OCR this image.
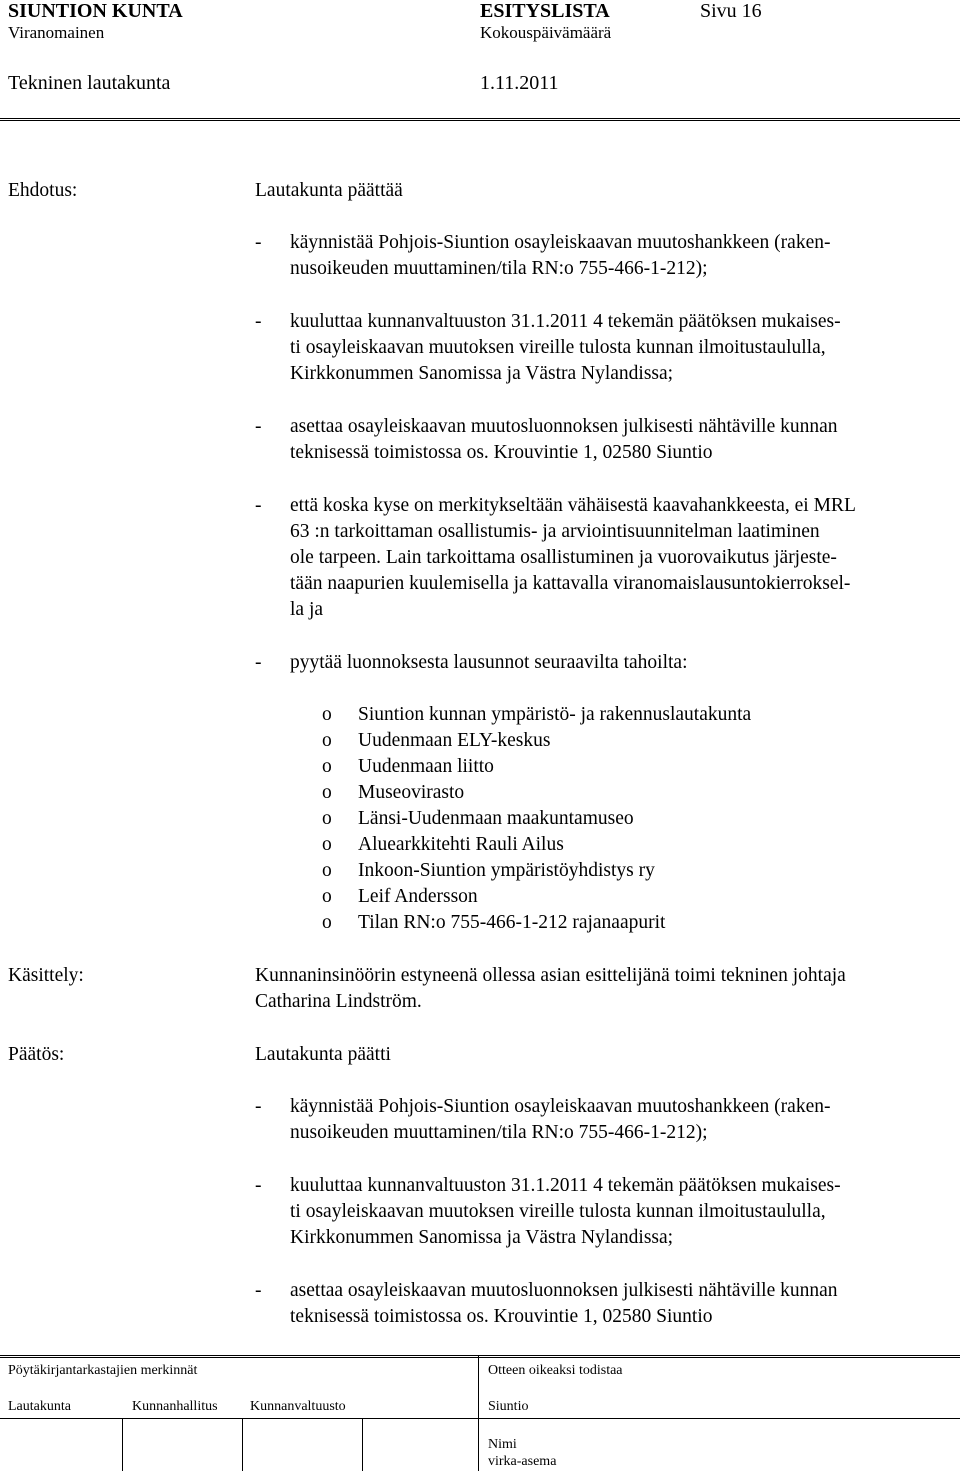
SIUNTION KUNTA	ESITYSLISTA	Sivu 16
Viranomainen	Kokouspäivämäärä
Tekninen lautakunta	1.11.2011
Ehdotus:	Lautakunta päättää
- käynnistää Pohjois-Siuntion osayleiskaavan muutoshankkeen (raken-
nusoikeuden muuttaminen/tila RN:o 755-466-1-212);
- kuuluttaa kunnanvaltuuston 31.1.2011 4 tekemän päätöksen mukaises-
ti osayleiskaavan muutoksen vireille tulosta kunnan ilmoitustaululla,
Kirkkonummen Sanomissa ja Västra Nylandissa;
- asettaa osayleiskaavan muutosluonnoksen julkisesti nähtäville kunnan
teknisessä toimistossa os. Krouvintie 1, 02580 Siuntio
- että koska kyse on merkitykseltään vähäisestä kaavahankkeesta, ei MRL
63 :n tarkoittaman osallistumis- ja arviointisuunnitelman laatiminen
ole tarpeen. Lain tarkoittama osallistuminen ja vuorovaikutus järjeste-
tään naapurien kuulemisella ja kattavalla viranomaislausuntokierroksel-
la ja
- pyytää luonnoksesta lausunnot seuraavilta tahoilta:
o Siuntion kunnan ympäristö- ja rakennuslautakunta
o Uudenmaan ELY-keskus
o Uudenmaan liitto
o Museovirasto
o Länsi-Uudenmaan maakuntamuseo
o Aluearkkitehti Rauli Ailus
o Inkoon-Siuntion ympäristöyhdistys ry
o Leif Andersson
o Tilan RN:o 755-466-1-212 rajanaapurit
Käsittely:	Kunnaninsinöörin estyneenä ollessa asian esittelijänä toimi tekninen johtaja
Catharina Lindström.
Päätös:	Lautakunta päätti
- käynnistää Pohjois-Siuntion osayleiskaavan muutoshankkeen (raken-
nusoikeuden muuttaminen/tila RN:o 755-466-1-212);
- kuuluttaa kunnanvaltuuston 31.1.2011 4 tekemän päätöksen mukaises-
ti osayleiskaavan muutoksen vireille tulosta kunnan ilmoitustaululla,
Kirkkonummen Sanomissa ja Västra Nylandissa;
- asettaa osayleiskaavan muutosluonnoksen julkisesti nähtäville kunnan
teknisessä toimistossa os. Krouvintie 1, 02580 Siuntio
Pöytäkirjantarkastajien merkinnät	Otteen oikeaksi todistaa
Lautakunta	Kunnanhallitus Kunnanvaltuusto	Siuntio
Nimi
virka-asema
